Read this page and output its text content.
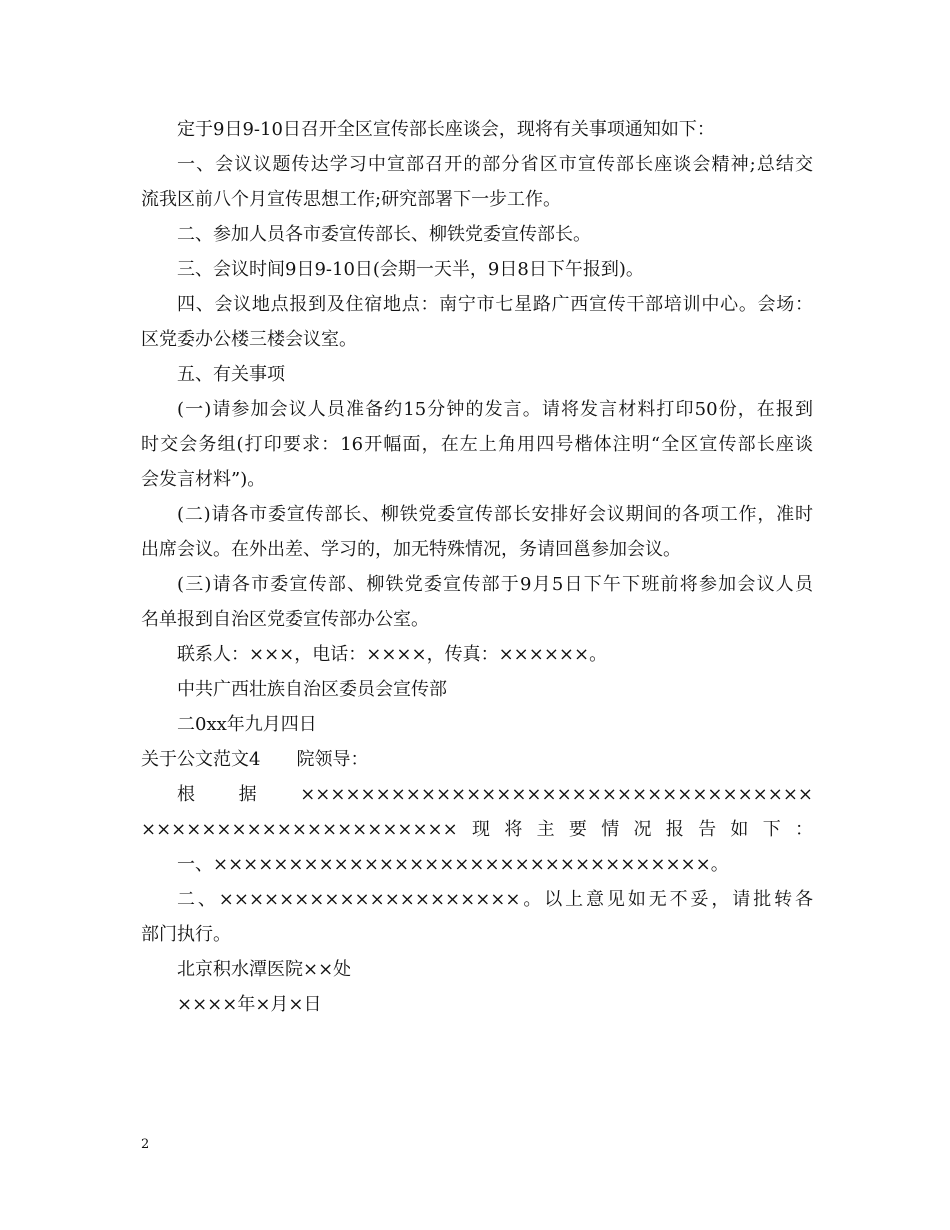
定于9日9-10日召开全区宣传部长座谈会，现将有关事项通知如下：
一、会议议题传达学习中宣部召开的部分省区市宣传部长座谈会精神;总结交
流我区前八个月宣传思想工作;研究部署下一步工作。
二、参加人员各市委宣传部长、柳铁党委宣传部长。
三、会议时间9日9-10日(会期一天半，9日8日下午报到)。
四、会议地点报到及住宿地点：南宁市七星路广西宣传干部培训中心。会场：
区党委办公楼三楼会议室。
五、有关事项
(一)请参加会议人员准备约15分钟的发言。请将发言材料打印50份，在报到
时交会务组(打印要求：16开幅面，在左上角用四号楷体注明“全区宣传部长座谈
会发言材料”)。
(二)请各市委宣传部长、柳铁党委宣传部长安排好会议期间的各项工作，准时
出席会议。在外出差、学习的，加无特殊情况，务请回邕参加会议。
(三)请各市委宣传部、柳铁党委宣传部于9月5日下午下班前将参加会议人员
名单报到自治区党委宣传部办公室。
联系人：×××，电话：××××，传真：××××××。
中共广西壮族自治区委员会宣传部
二0xx年九月四日
关于公文范文4　　院领导：
根据××××××××××××××××××××××××××××××××××
×××××××××××××××××××××现将主要情况报告如下：
一、×××××××××××××××××××××××××××××××××。
二、××××××××××××××××××××。以上意见如无不妥，请批转各
部门执行。
北京积水潭医院××处
××××年×月×日
2
